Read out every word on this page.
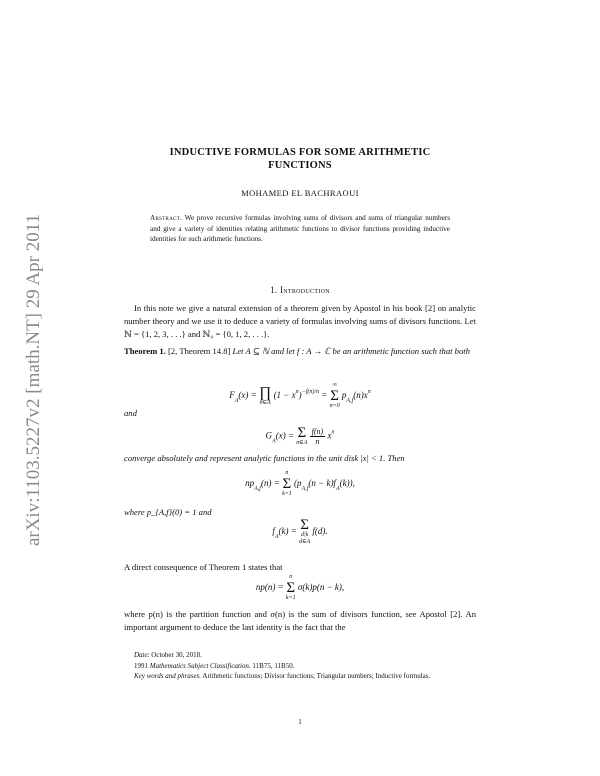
arXiv:1103.5227v2 [math.NT] 29 Apr 2011
INDUCTIVE FORMULAS FOR SOME ARITHMETIC
FUNCTIONS
MOHAMED EL BACHRAOUI
Abstract. We prove recursive formulas involving sums of divisors and sums of triangular numbers and give a variety of identities relating arithmetic functions to divisor functions providing inductive identities for such arithmetic functions.
1. Introduction
In this note we give a natural extension of a theorem given by Apostol in his book [2] on analytic number theory and we use it to deduce a variety of formulas involving sums of divisors functions. Let ℕ = {1, 2, 3, . . .} and ℕ₀ = {0, 1, 2, . . .}.
Theorem 1. [2, Theorem 14.8] Let A ⊆ ℕ and let f : A → ℂ be an arithmetic function such that both
$F_A(x)$ = ∏
n∈A $(1 - x^n)^{-f(n)/n}$ = ∞
Σ
n=0 $p_{A,f}(n)x^n$
and
$G_A(x) = \Sigma$
n∈A $\frac{f(n)}{n} x^n$
converge absolutely and represent analytic functions in the unit disk |x| < 1. Then
$np_{A,f}(n) = n$
Σ
k=1 $(p_{A,f}(n - k)f_A(k))$,
where p_{A,f}(0) = 1 and
$f_A(k) = \Sigma$
d|k
d∈A f(d).
A direct consequence of Theorem 1 states that
np(n) = n
Σ
k=1 σ(k)p(n − k),
where p(n) is the partition function and σ(n) is the sum of divisors function, see Apostol [2]. An important argument to deduce the last identity is the fact that the
Date: October 30, 2018.
1991 Mathematics Subject Classification. 11B75, 11B50.
Key words and phrases. Arithmetic functions; Divisor functions; Triangular numbers; Inductive formulas.
1
